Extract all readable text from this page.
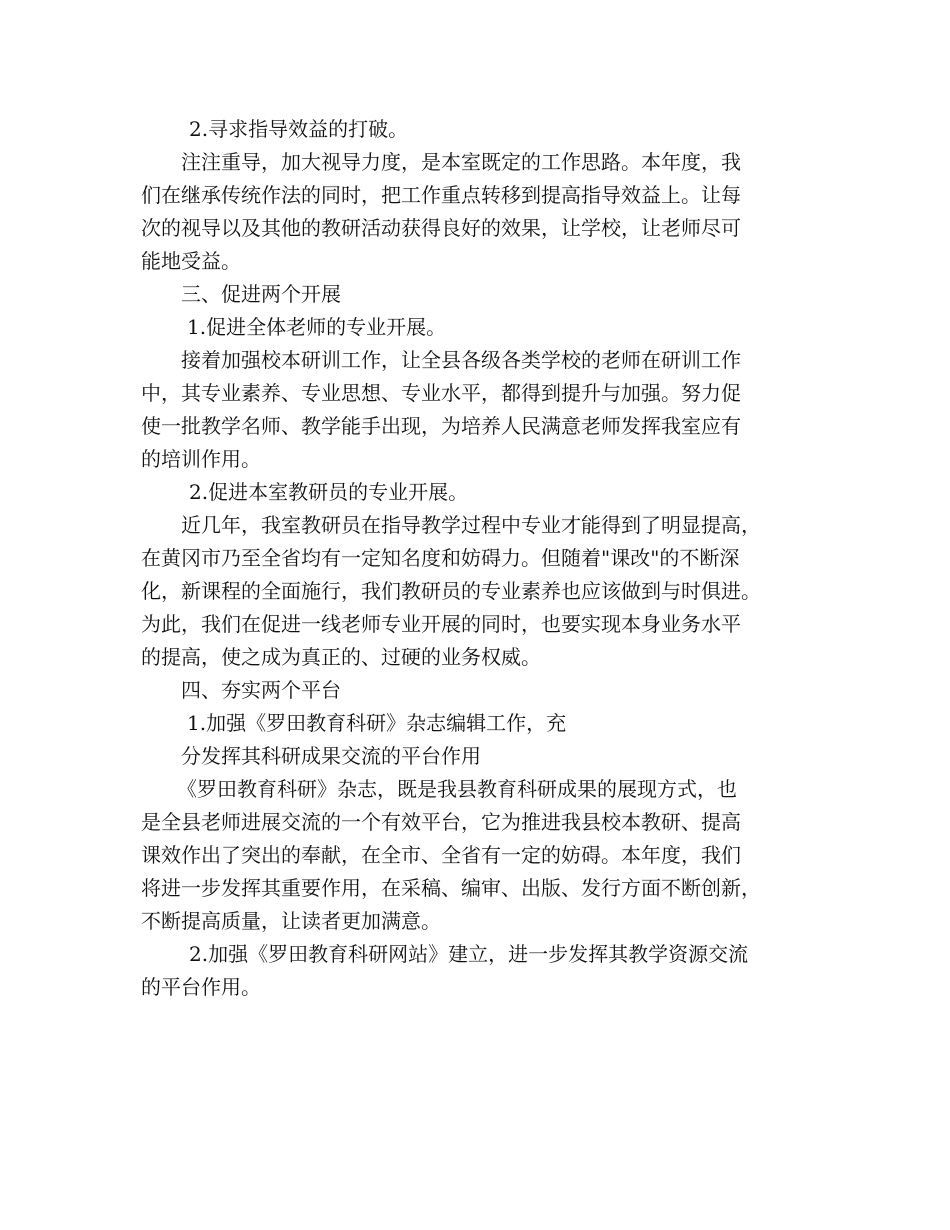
2.寻求指导效益的打破。

注注重导，加大视导力度，是本室既定的工作思路。本年度，我

们在继承传统作法的同时，把工作重点转移到提高指导效益上。让每

次的视导以及其他的教研活动获得良好的效果，让学校，让老师尽可

能地受益。

三、促进两个开展

1.促进全体老师的专业开展。

接着加强校本研训工作，让全县各级各类学校的老师在研训工作

中，其专业素养、专业思想、专业水平，都得到提升与加强。努力促

使一批教学名师、教学能手出现，为培养人民满意老师发挥我室应有

的培训作用。

2.促进本室教研员的专业开展。

近几年，我室教研员在指导教学过程中专业才能得到了明显提高，

在黄冈市乃至全省均有一定知名度和妨碍力。但随着"课改"的不断深

化，新课程的全面施行，我们教研员的专业素养也应该做到与时俱进。

为此，我们在促进一线老师专业开展的同时，也要实现本身业务水平

的提高，使之成为真正的、过硬的业务权威。

四、夯实两个平台

1.加强《罗田教育科研》杂志编辑工作，充

分发挥其科研成果交流的平台作用

《罗田教育科研》杂志，既是我县教育科研成果的展现方式，也

是全县老师进展交流的一个有效平台，它为推进我县校本教研、提高

课效作出了突出的奉献，在全市、全省有一定的妨碍。本年度，我们

将进一步发挥其重要作用，在采稿、编审、出版、发行方面不断创新，

不断提高质量，让读者更加满意。

2.加强《罗田教育科研网站》建立，进一步发挥其教学资源交流

的平台作用。
